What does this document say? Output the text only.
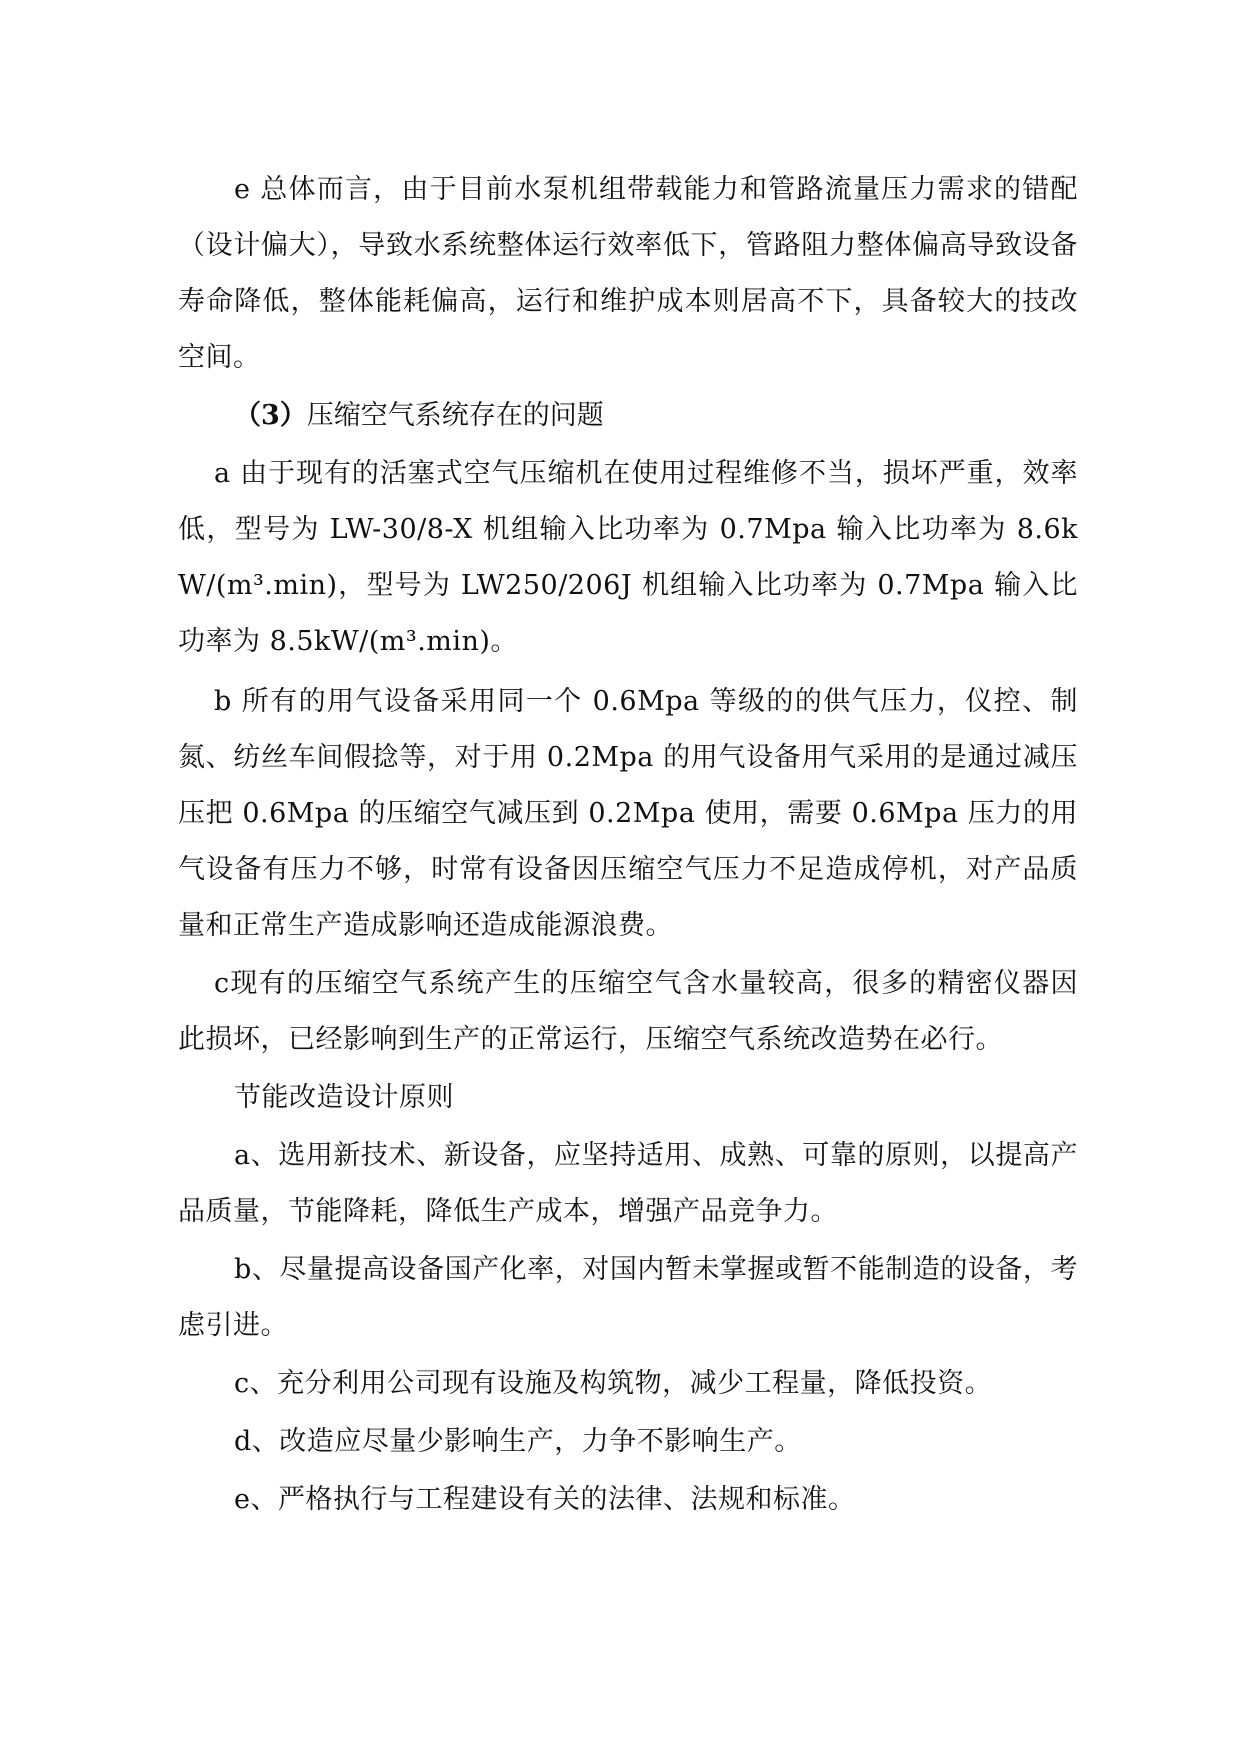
e 总体而言，由于目前水泵机组带载能力和管路流量压力需求的错配（设计偏大），导致水系统整体运行效率低下，管路阻力整体偏高导致设备寿命降低，整体能耗偏高，运行和维护成本则居高不下，具备较大的技改空间。

（3）压缩空气系统存在的问题

a 由于现有的活塞式空气压缩机在使用过程维修不当，损坏严重，效率低，型号为 LW-30/8-X 机组输入比功率为 0.7Mpa 输入比功率为 8.6kW/(m³.min)，型号为 LW250/206J 机组输入比功率为 0.7Mpa 输入比功率为 8.5kW/(m³.min)。

b 所有的用气设备采用同一个 0.6Mpa 等级的的供气压力，仪控、制氮、纺丝车间假捻等，对于用 0.2Mpa 的用气设备用气采用的是通过减压压把 0.6Mpa 的压缩空气减压到 0.2Mpa 使用，需要 0.6Mpa 压力的用气设备有压力不够，时常有设备因压缩空气压力不足造成停机，对产品质量和正常生产造成影响还造成能源浪费。

c现有的压缩空气系统产生的压缩空气含水量较高，很多的精密仪器因此损坏，已经影响到生产的正常运行，压缩空气系统改造势在必行。

节能改造设计原则

a、选用新技术、新设备，应坚持适用、成熟、可靠的原则，以提高产品质量，节能降耗，降低生产成本，增强产品竞争力。

b、尽量提高设备国产化率，对国内暂未掌握或暂不能制造的设备，考虑引进。

c、充分利用公司现有设施及构筑物，减少工程量，降低投资。

d、改造应尽量少影响生产，力争不影响生产。

e、严格执行与工程建设有关的法律、法规和标准。
